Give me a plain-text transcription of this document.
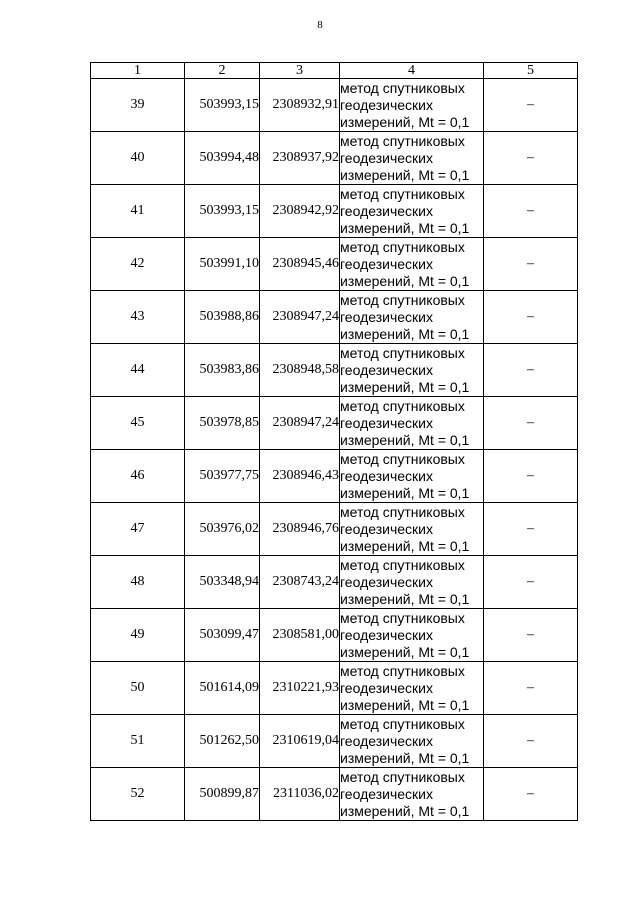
8
1	2	3	4	5
39	503993,15	2308932,91	метод спутниковых
геодезических
измерений, Mt = 0,1	–
40	503994,48	2308937,92	метод спутниковых
геодезических
измерений, Mt = 0,1	–
41	503993,15	2308942,92	метод спутниковых
геодезических
измерений, Mt = 0,1	–
42	503991,10	2308945,46	метод спутниковых
геодезических
измерений, Mt = 0,1	–
43	503988,86	2308947,24	метод спутниковых
геодезических
измерений, Mt = 0,1	–
44	503983,86	2308948,58	метод спутниковых
геодезических
измерений, Mt = 0,1	–
45	503978,85	2308947,24	метод спутниковых
геодезических
измерений, Mt = 0,1	–
46	503977,75	2308946,43	метод спутниковых
геодезических
измерений, Mt = 0,1	–
47	503976,02	2308946,76	метод спутниковых
геодезических
измерений, Mt = 0,1	–
48	503348,94	2308743,24	метод спутниковых
геодезических
измерений, Mt = 0,1	–
49	503099,47	2308581,00	метод спутниковых
геодезических
измерений, Mt = 0,1	–
50	501614,09	2310221,93	метод спутниковых
геодезических
измерений, Mt = 0,1	–
51	501262,50	2310619,04	метод спутниковых
геодезических
измерений, Mt = 0,1	–
52	500899,87	2311036,02	метод спутниковых
геодезических
измерений, Mt = 0,1	–
